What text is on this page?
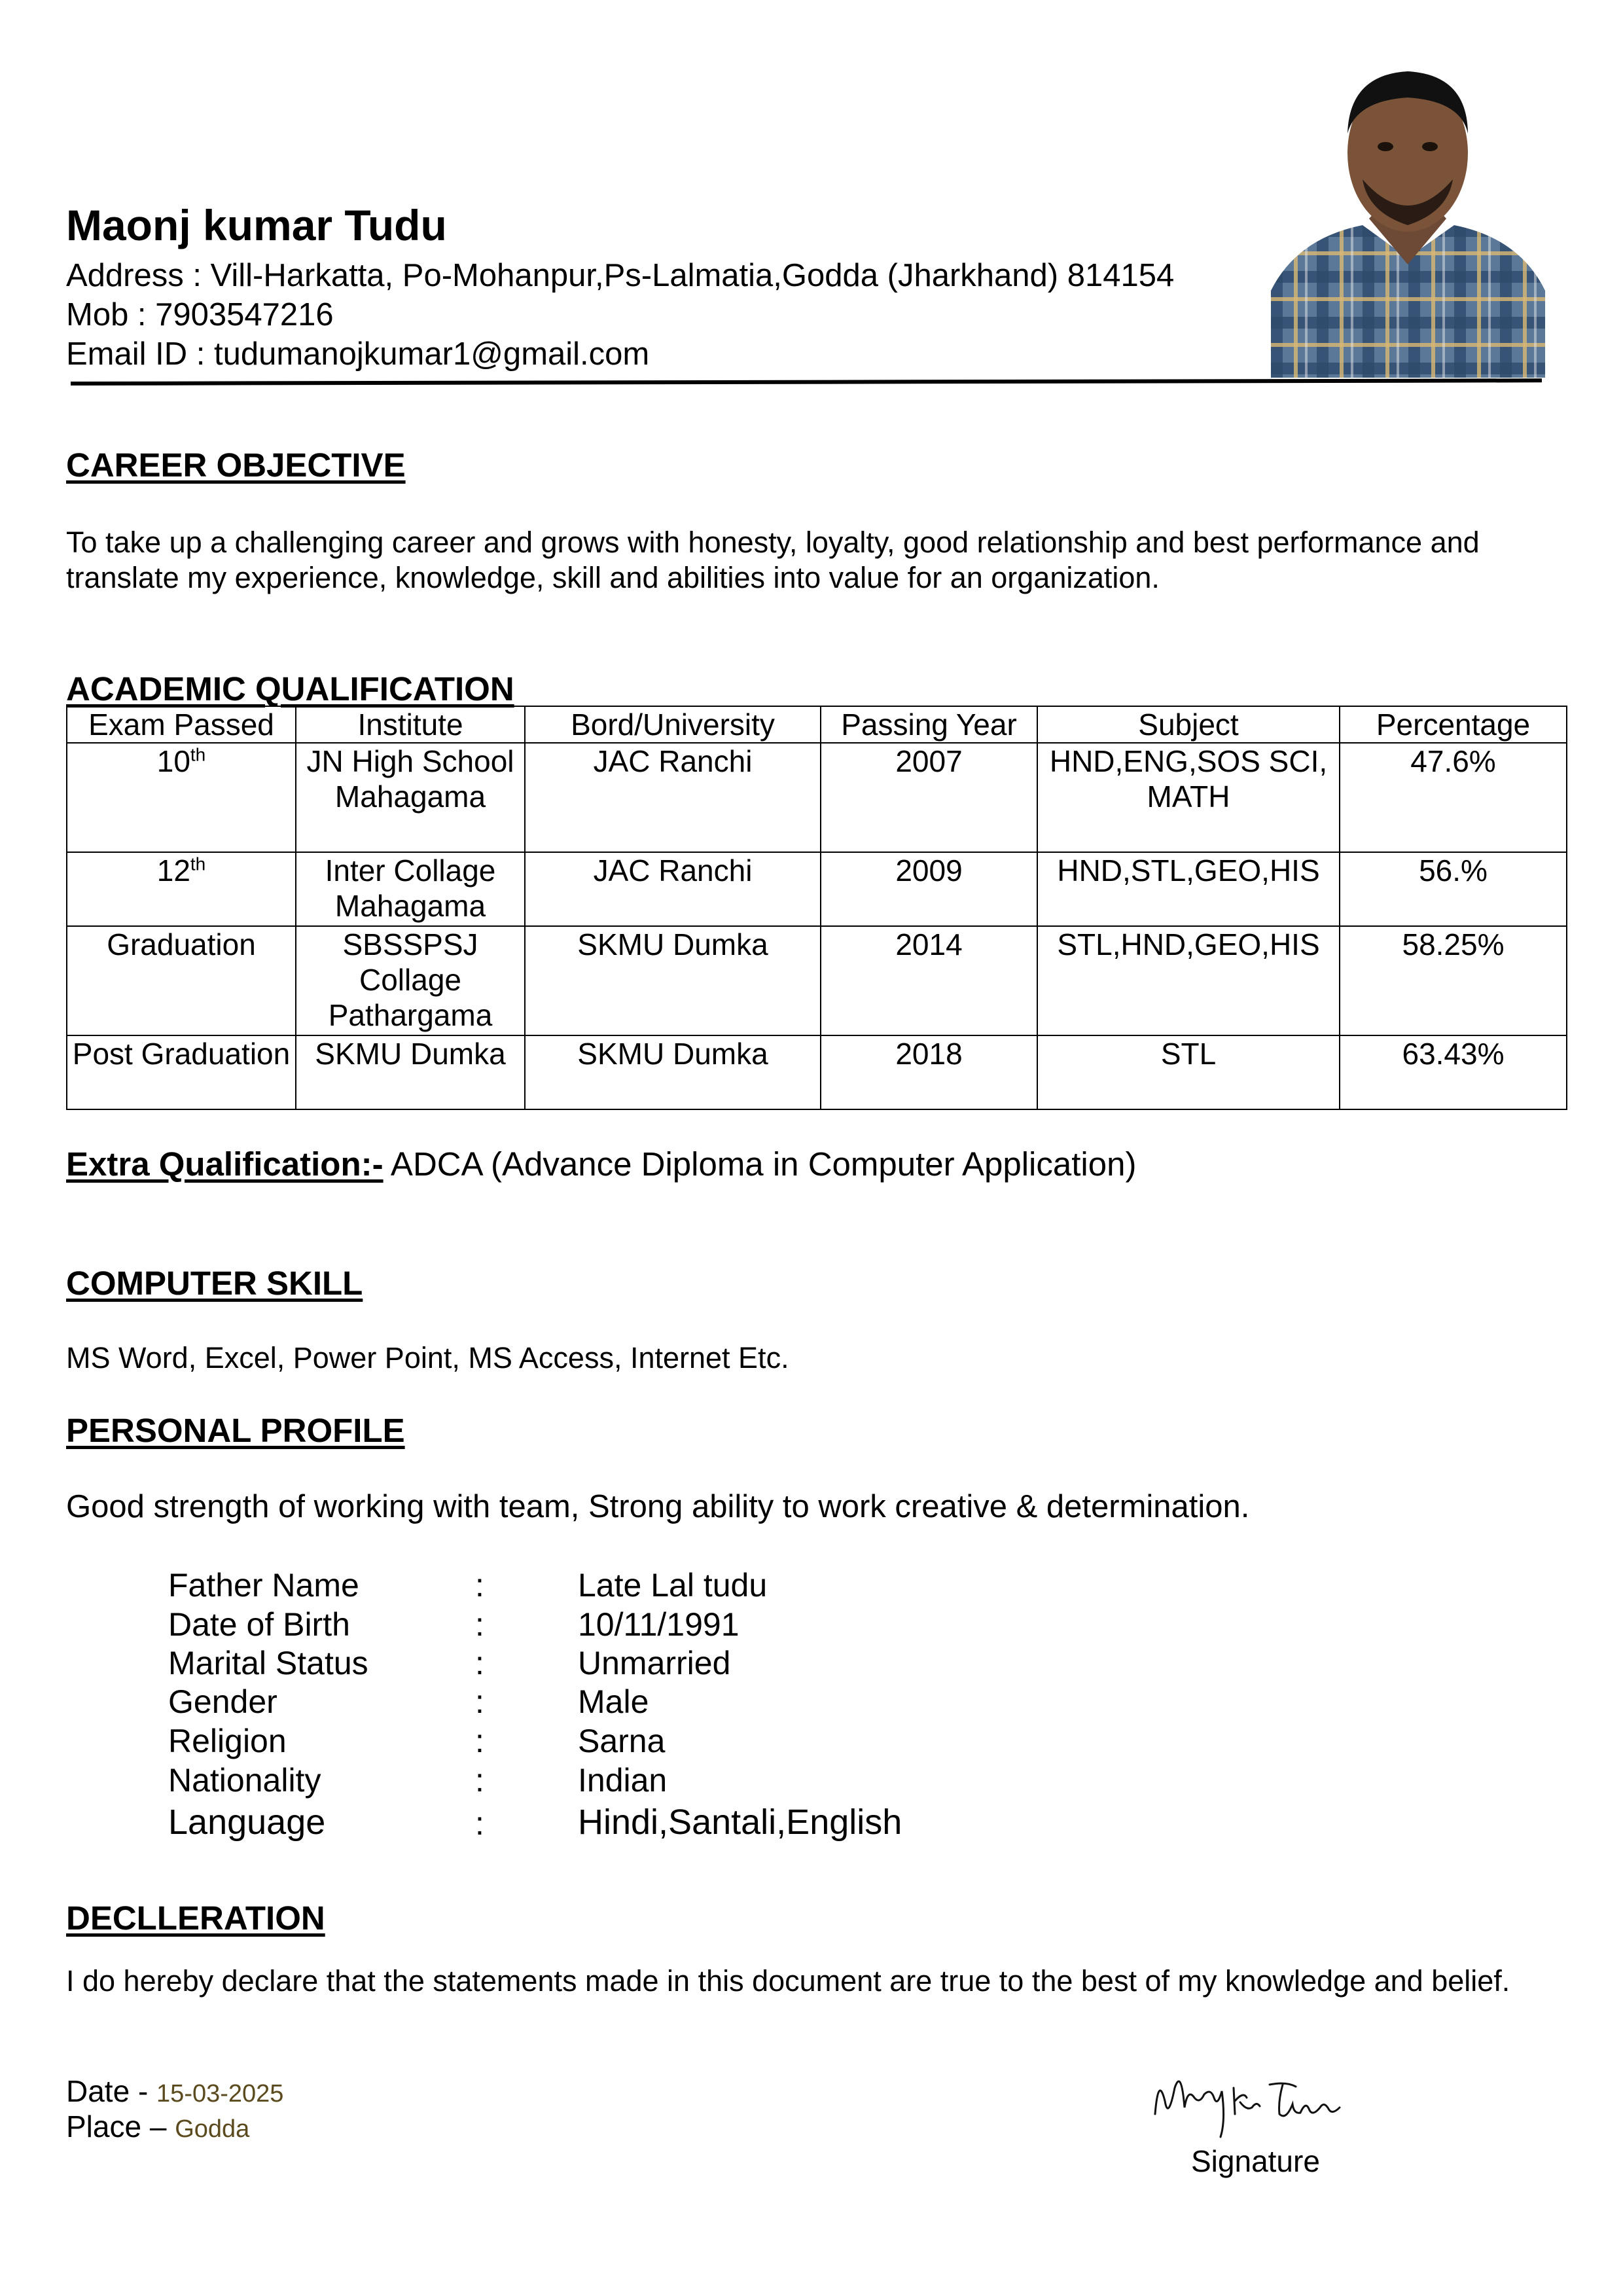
Maonj kumar Tudu
Address : Vill-Harkatta, Po-Mohanpur,Ps-Lalmatia,Godda (Jharkhand) 814154
Mob : 7903547216
Email ID : tudumanojkumar1@gmail.com
CAREER OBJECTIVE
To take up a challenging career and grows with honesty, loyalty, good relationship and best performance and translate my experience, knowledge, skill and abilities into value for an organization.
ACADEMIC QUALIFICATION
Exam Passed	Institute	Bord/University	Passing Year	Subject	Percentage
10th	JN High School Mahagama	JAC Ranchi	2007	HND,ENG,SOS SCI, MATH	47.6%
12th	Inter Collage Mahagama	JAC Ranchi	2009	HND,STL,GEO,HIS	56.%
Graduation	SBSSPSJ Collage Pathargama	SKMU Dumka	2014	STL,HND,GEO,HIS	58.25%
Post Graduation	SKMU Dumka	SKMU Dumka	2018	STL	63.43%
Extra Qualification:- ADCA (Advance Diploma in Computer Application)
COMPUTER SKILL
MS Word, Excel, Power Point, MS Access, Internet Etc.
PERSONAL PROFILE
Good strength of working with team, Strong ability to work creative & determination.
Father Name	:	Late Lal tudu
Date of Birth	:	10/11/1991
Marital Status	:	Unmarried
Gender	:	Male
Religion	:	Sarna
Nationality	:	Indian
Language	:	Hindi,Santali,English
DECLLERATION
I do hereby declare that the statements made in this document are true to the best of my knowledge and belief.
Date - 15-03-2025
Place – Godda
Signature
